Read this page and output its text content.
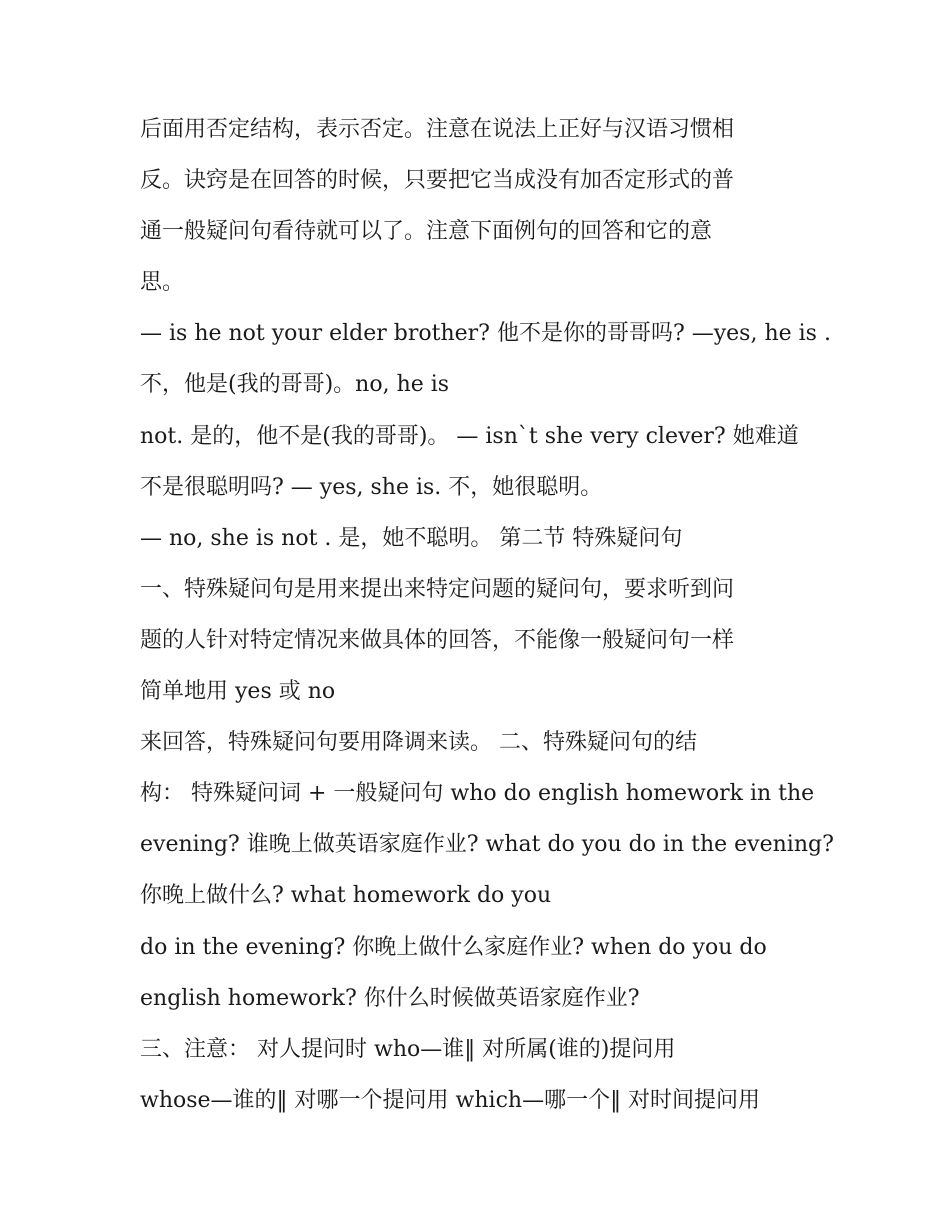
后面用否定结构，表示否定。注意在说法上正好与汉语习惯相
反。诀窍是在回答的时候，只要把它当成没有加否定形式的普
通一般疑问句看待就可以了。注意下面例句的回答和它的意
思。
— is he not your elder brother? 他不是你的哥哥吗? —yes, he is .
不，他是(我的哥哥)。no, he is
not. 是的，他不是(我的哥哥)。 — isn`t she very clever? 她难道
不是很聪明吗? — yes, she is. 不，她很聪明。
— no, she is not . 是，她不聪明。 第二节 特殊疑问句
一、特殊疑问句是用来提出来特定问题的疑问句，要求听到问
题的人针对特定情况来做具体的回答，不能像一般疑问句一样
简单地用 yes 或 no
来回答，特殊疑问句要用降调来读。 二、特殊疑问句的结
构： 特殊疑问词 + 一般疑问句 who do english homework in the
evening? 谁晚上做英语家庭作业? what do you do in the evening?
你晚上做什么? what homework do you
do in the evening? 你晚上做什么家庭作业? when do you do
english homework? 你什么时候做英语家庭作业?
三、注意： 对人提问时 who—谁‖ 对所属(谁的)提问用
whose—谁的‖ 对哪一个提问用 which—哪一个‖ 对时间提问用
